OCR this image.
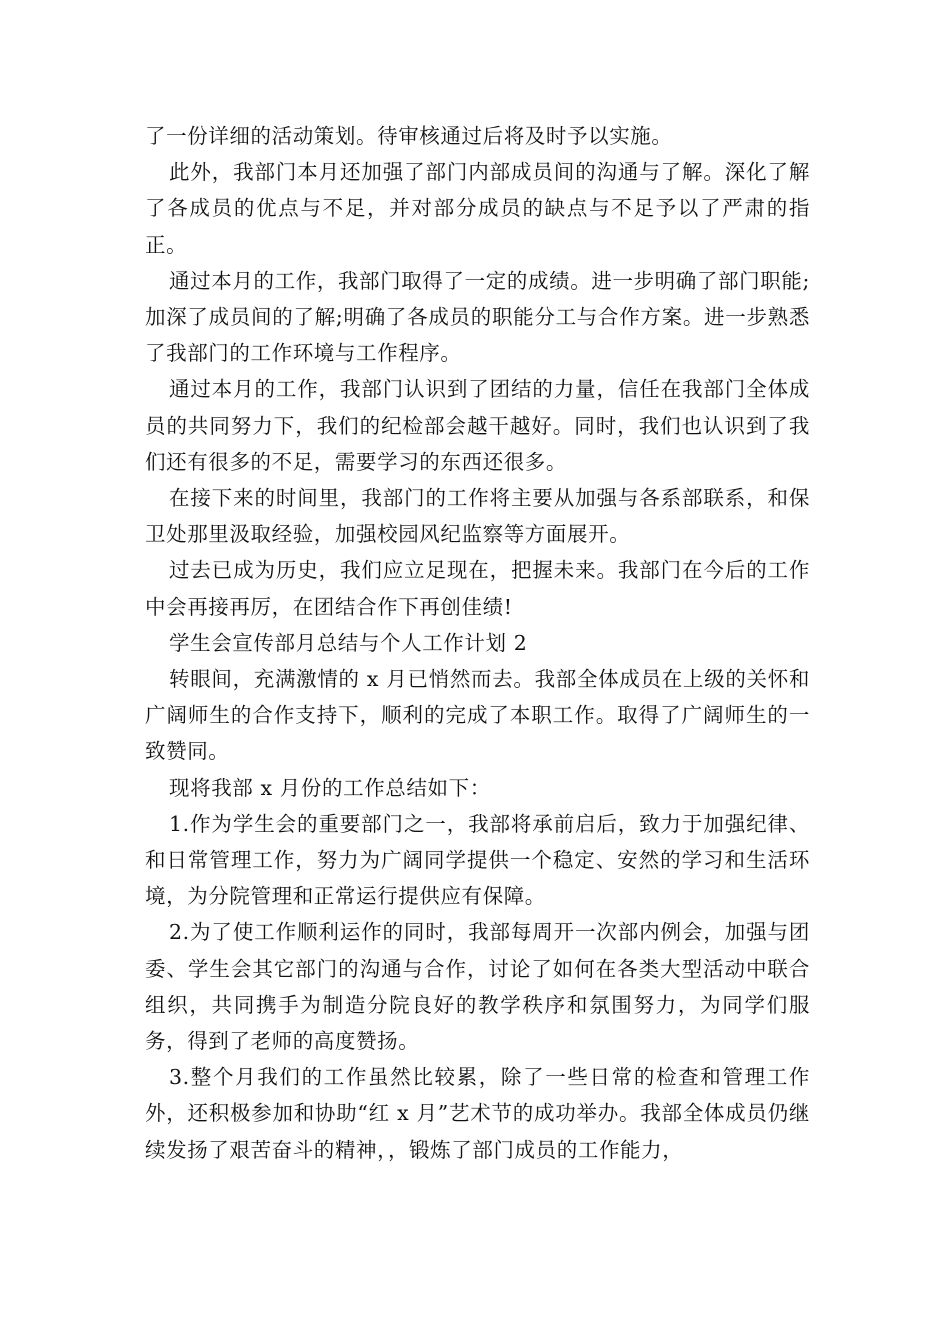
了一份详细的活动策划。待审核通过后将及时予以实施。

此外，我部门本月还加强了部门内部成员间的沟通与了解。深化了解了各成员的优点与不足，并对部分成员的缺点与不足予以了严肃的指正。

通过本月的工作，我部门取得了一定的成绩。进一步明确了部门职能;加深了成员间的了解;明确了各成员的职能分工与合作方案。进一步熟悉了我部门的工作环境与工作程序。

通过本月的工作，我部门认识到了团结的力量，信任在我部门全体成员的共同努力下，我们的纪检部会越干越好。同时，我们也认识到了我们还有很多的不足，需要学习的东西还很多。

在接下来的时间里，我部门的工作将主要从加强与各系部联系，和保卫处那里汲取经验，加强校园风纪监察等方面展开。

过去已成为历史，我们应立足现在，把握未来。我部门在今后的工作中会再接再厉，在团结合作下再创佳绩!

学生会宣传部月总结与个人工作计划 2

转眼间，充满激情的 x 月已悄然而去。我部全体成员在上级的关怀和广阔师生的合作支持下，顺利的完成了本职工作。取得了广阔师生的一致赞同。

现将我部 x 月份的工作总结如下：

1.作为学生会的重要部门之一，我部将承前启后，致力于加强纪律、和日常管理工作，努力为广阔同学提供一个稳定、安然的学习和生活环境，为分院管理和正常运行提供应有保障。

2.为了使工作顺利运作的同时，我部每周开一次部内例会，加强与团委、学生会其它部门的沟通与合作，讨论了如何在各类大型活动中联合组织，共同携手为制造分院良好的教学秩序和氛围努力，为同学们服务，得到了老师的高度赞扬。

3.整个月我们的工作虽然比较累，除了一些日常的检查和管理工作外，还积极参加和协助“红 x 月”艺术节的成功举办。我部全体成员仍继续发扬了艰苦奋斗的精神，，锻炼了部门成员的工作能力，
